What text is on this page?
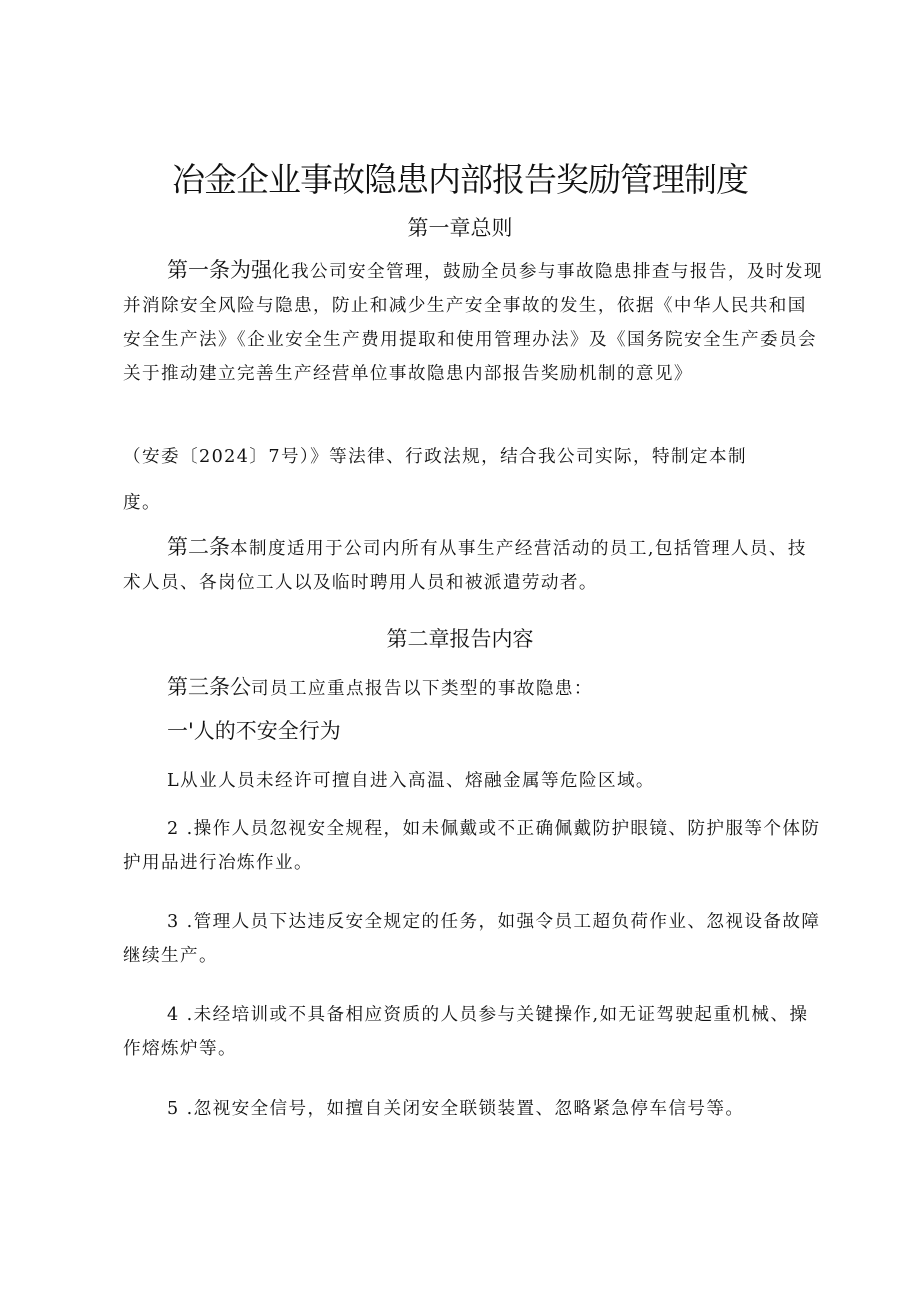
冶金企业事故隐患内部报告奖励管理制度
第一章总则
第一条为强化我公司安全管理，鼓励全员参与事故隐患排查与报告，及时发现并消除安全风险与隐患，防止和减少生产安全事故的发生，依据《中华人民共和国安全生产法》《企业安全生产费用提取和使用管理办法》及《国务院安全生产委员会关于推动建立完善生产经营单位事故隐患内部报告奖励机制的意见》
（安委〔2024〕7号）》等法律、行政法规，结合我公司实际，特制定本制
度。
第二条本制度适用于公司内所有从事生产经营活动的员工,包括管理人员、技术人员、各岗位工人以及临时聘用人员和被派遣劳动者。
第二章报告内容
第三条公司员工应重点报告以下类型的事故隐患：
一'人的不安全行为
L从业人员未经许可擅自进入高温、熔融金属等危险区域。
2 .操作人员忽视安全规程，如未佩戴或不正确佩戴防护眼镜、防护服等个体防护用品进行冶炼作业。
3 .管理人员下达违反安全规定的任务，如强令员工超负荷作业、忽视设备故障继续生产。
4 .未经培训或不具备相应资质的人员参与关键操作,如无证驾驶起重机械、操作熔炼炉等。
5 .忽视安全信号，如擅自关闭安全联锁装置、忽略紧急停车信号等。
